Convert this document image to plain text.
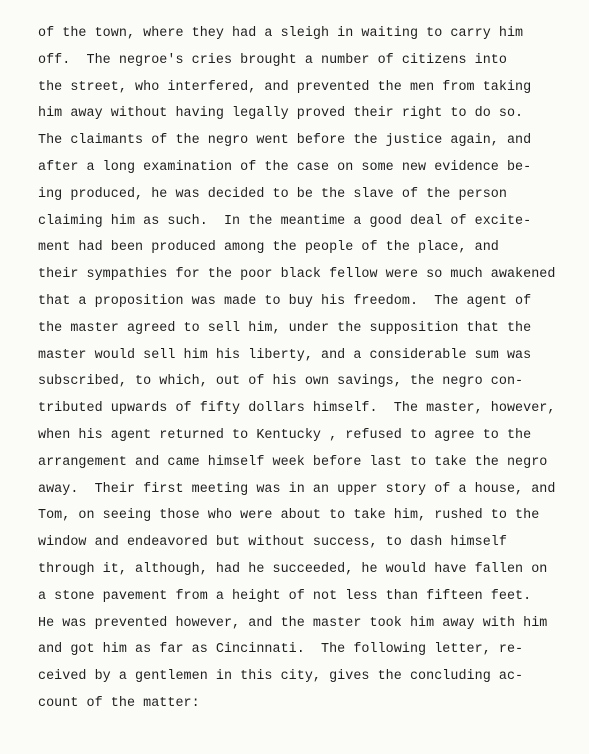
of the town, where they had a sleigh in waiting to carry him
off.  The negroe's cries brought a number of citizens into
the street, who interfered, and prevented the men from taking
him away without having legally proved their right to do so.
The claimants of the negro went before the justice again, and
after a long examination of the case on some new evidence be-
ing produced, he was decided to be the slave of the person
claiming him as such.  In the meantime a good deal of excite-
ment had been produced among the people of the place, and
their sympathies for the poor black fellow were so much awakened
that a proposition was made to buy his freedom.  The agent of
the master agreed to sell him, under the supposition that the
master would sell him his liberty, and a considerable sum was
subscribed, to which, out of his own savings, the negro con-
tributed upwards of fifty dollars himself.  The master, however,
when his agent returned to Kentucky , refused to agree to the
arrangement and came himself week before last to take the negro
away.  Their first meeting was in an upper story of a house, and
Tom, on seeing those who were about to take him, rushed to the
window and endeavored but without success, to dash himself
through it, although, had he succeeded, he would have fallen on
a stone pavement from a height of not less than fifteen feet.
He was prevented however, and the master took him away with him
and got him as far as Cincinnati.  The following letter, re-
ceived by a gentlemen in this city, gives the concluding ac-
count of the matter:
